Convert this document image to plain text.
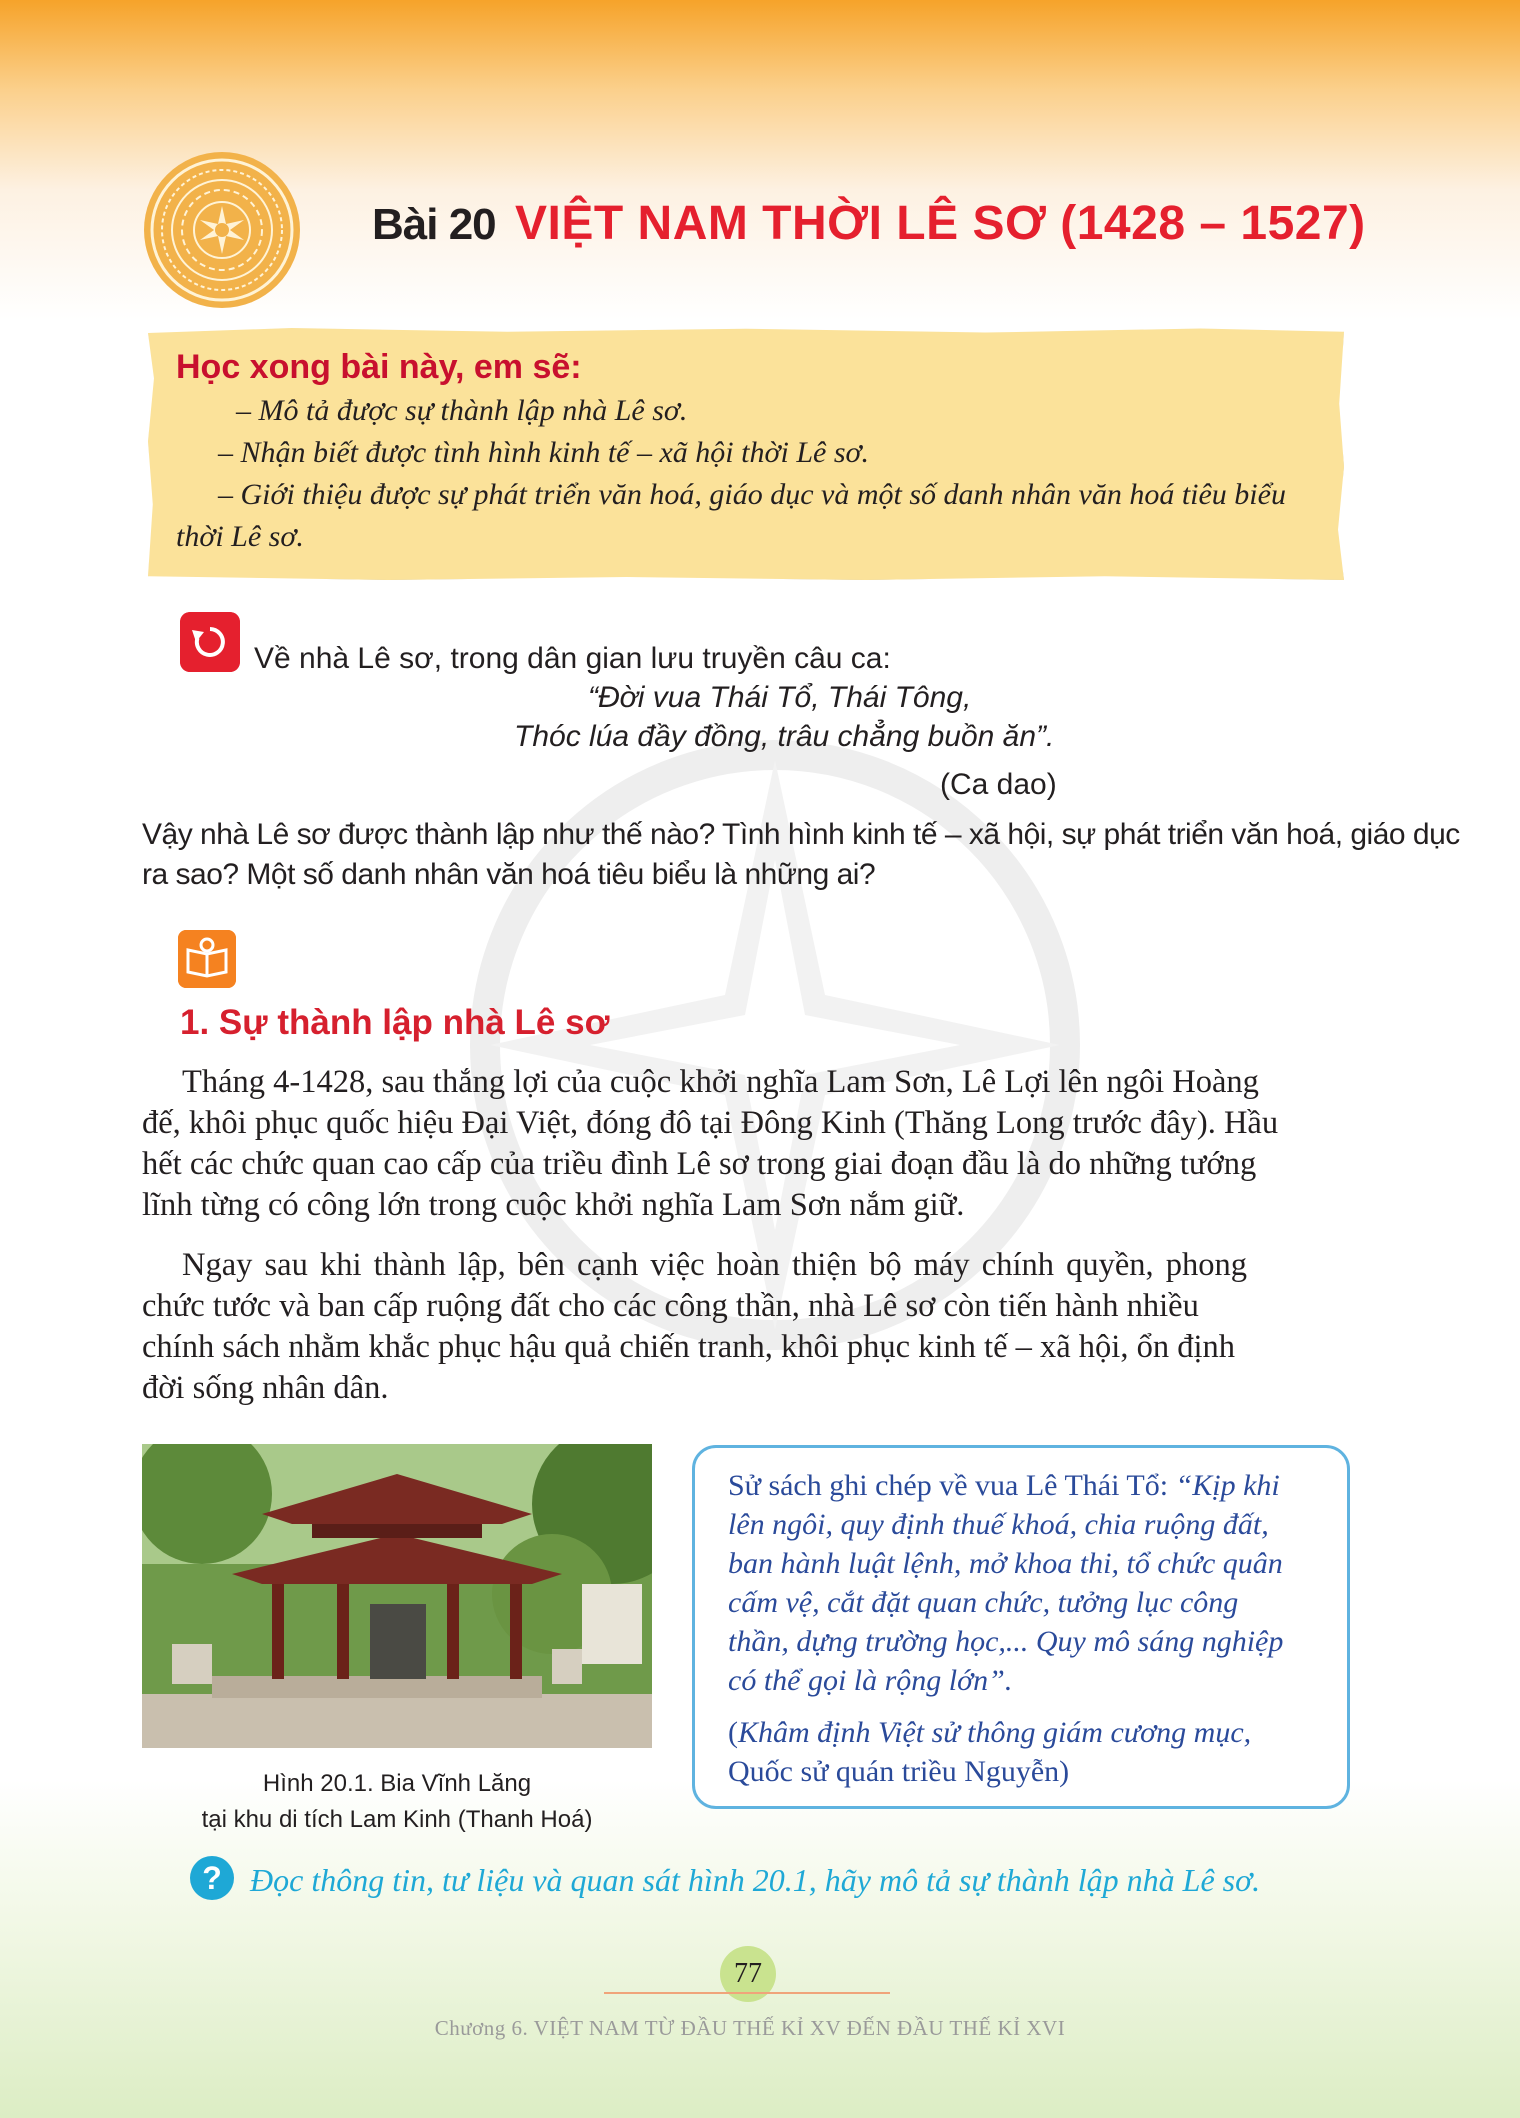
Bài 20 VIỆT NAM THỜI LÊ SƠ (1428 – 1527)
Học xong bài này, em sẽ:
– Mô tả được sự thành lập nhà Lê sơ.
– Nhận biết được tình hình kinh tế – xã hội thời Lê sơ.
– Giới thiệu được sự phát triển văn hoá, giáo dục và một số danh nhân văn hoá tiêu biểu
thời Lê sơ.
Về nhà Lê sơ, trong dân gian lưu truyền câu ca:
“Đời vua Thái Tổ, Thái Tông,
Thóc lúa đầy đồng, trâu chẳng buồn ăn”.
(Ca dao)
Vậy nhà Lê sơ được thành lập như thế nào? Tình hình kinh tế – xã hội, sự phát triển văn hoá, giáo dục
ra sao? Một số danh nhân văn hoá tiêu biểu là những ai?
1. Sự thành lập nhà Lê sơ
Tháng 4-1428, sau thắng lợi của cuộc khởi nghĩa Lam Sơn, Lê Lợi lên ngôi Hoàng
đế, khôi phục quốc hiệu Đại Việt, đóng đô tại Đông Kinh (Thăng Long trước đây). Hầu
hết các chức quan cao cấp của triều đình Lê sơ trong giai đoạn đầu là do những tướng
lĩnh từng có công lớn trong cuộc khởi nghĩa Lam Sơn nắm giữ.
Ngay sau khi thành lập, bên cạnh việc hoàn thiện bộ máy chính quyền, phong
chức tước và ban cấp ruộng đất cho các công thần, nhà Lê sơ còn tiến hành nhiều
chính sách nhằm khắc phục hậu quả chiến tranh, khôi phục kinh tế – xã hội, ổn định
đời sống nhân dân.
Hình 20.1. Bia Vĩnh Lăng
tại khu di tích Lam Kinh (Thanh Hoá)
Sử sách ghi chép về vua Lê Thái Tổ: “Kịp khi
lên ngôi, quy định thuế khoá, chia ruộng đất,
ban hành luật lệnh, mở khoa thi, tổ chức quân
cấm vệ, cắt đặt quan chức, tưởng lục công
thần, dựng trường học,... Quy mô sáng nghiệp
có thể gọi là rộng lớn”.
(Khâm định Việt sử thông giám cương mục,
Quốc sử quán triều Nguyễn)
? Đọc thông tin, tư liệu và quan sát hình 20.1, hãy mô tả sự thành lập nhà Lê sơ.
77
Chương 6. VIỆT NAM TỪ ĐẦU THẾ KỈ XV ĐẾN ĐẦU THẾ KỈ XVI
